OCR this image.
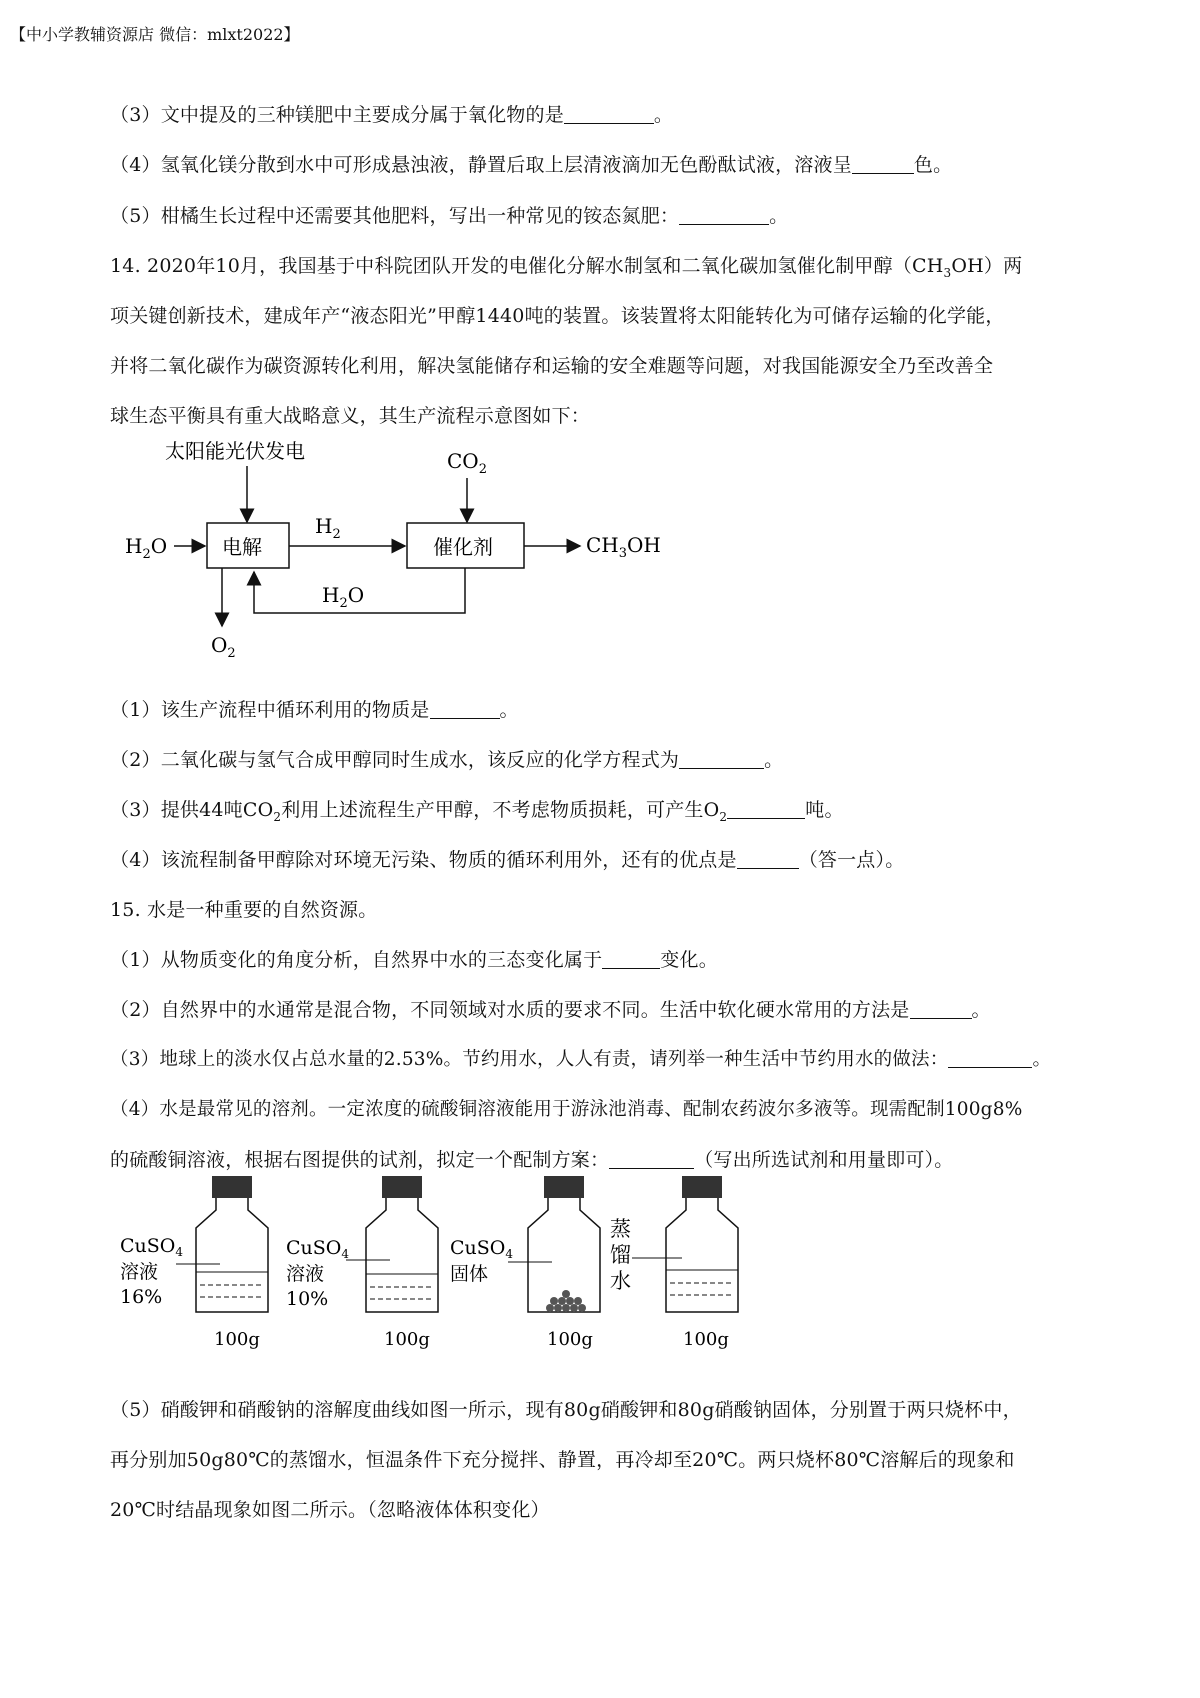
【中小学教辅资源店 微信：mlxt2022】
（3）文中提及的三种镁肥中主要成分属于氧化物的是	。
（4）氢氧化镁分散到水中可形成悬浊液，静置后取上层清液滴加无色酚酞试液，溶液呈	色。
（5）柑橘生长过程中还需要其他肥料，写出一种常见的铵态氮肥：	。
14. 2020年10月，我国基于中科院团队开发的电催化分解水制氢和二氧化碳加氢催化制甲醇$(CH_3OH)$两
项关键创新技术，建成年产“液态阳光”甲醇1440吨的装置。该装置将太阳能转化为可储存运输的化学能，
并将二氧化碳作为碳资源转化利用，解决氢能储存和运输的安全难题等问题，对我国能源安全乃至改善全
球生态平衡具有重大战略意义，其生产流程示意图如下：
太阳能光伏发电	$CO_2$
$H_2O$	电解
$H_2$
催化剂	$CH_3OH$
$H_2O$
$O_2$
（1）该生产流程中循环利用的物质是	。
（2）二氧化碳与氢气合成甲醇同时生成水，该反应的化学方程式为	。
（3）提供44吨$CO_2$利用上述流程生产甲醇，不考虑物质损耗，可产生$O_2$	吨。
（4）该流程制备甲醇除对环境无污染、物质的循环利用外，还有的优点是	（答一点）。
15. 水是一种重要的自然资源。
（1）从物质变化的角度分析，自然界中水的三态变化属于	变化。
（2）自然界中的水通常是混合物，不同领域对水质的要求不同。生活中软化硬水常用的方法是	。
（3）地球上的淡水仅占总水量的2.53%。节约用水，人人有责，请列举一种生活中节约用水的做法：	。
（4）水是最常见的溶剂。一定浓度的硫酸铜溶液能用于游泳池消毒、配制农药波尔多液等。现需配制100g8%
的硫酸铜溶液，根据右图提供的试剂，拟定一个配制方案：	（写出所选试剂和用量即可）。
CuSO$_4$
溶液
16%
100g
CuSO$_4$
溶液
10%
100g
CuSO$_4$
固体
100g
蒸
馏
水
100g
（5）硝酸钾和硝酸钠的溶解度曲线如图一所示，现有80g硝酸钾和80g硝酸钠固体，分别置于两只烧杯中，
再分别加50g80℃的蒸馏水，恒温条件下充分搅拌、静置，再冷却至20℃。两只烧杯80℃溶解后的现象和
20℃时结晶现象如图二所示。（忽略液体体积变化）
